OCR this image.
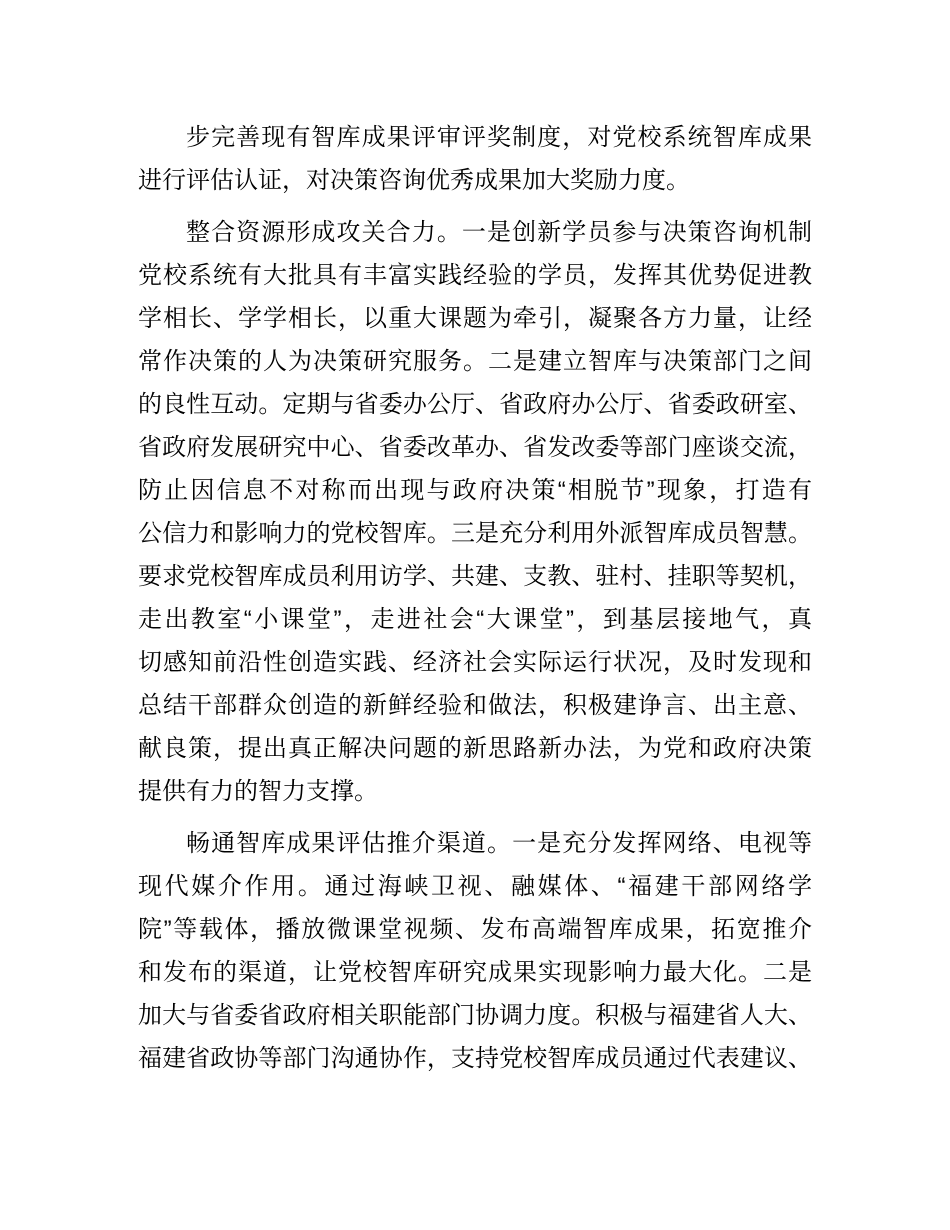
步完善现有智库成果评审评奖制度，对党校系统智库成果
进行评估认证，对决策咨询优秀成果加大奖励力度。

整合资源形成攻关合力。一是创新学员参与决策咨询机制
党校系统有大批具有丰富实践经验的学员，发挥其优势促进教
学相长、学学相长，以重大课题为牵引，凝聚各方力量，让经
常作决策的人为决策研究服务。二是建立智库与决策部门之间
的良性互动。定期与省委办公厅、省政府办公厅、省委政研室、
省政府发展研究中心、省委改革办、省发改委等部门座谈交流，
防止因信息不对称而出现与政府决策“相脱节”现象，打造有
公信力和影响力的党校智库。三是充分利用外派智库成员智慧。
要求党校智库成员利用访学、共建、支教、驻村、挂职等契机，
走出教室“小课堂”，走进社会“大课堂”，到基层接地气，真
切感知前沿性创造实践、经济社会实际运行状况，及时发现和
总结干部群众创造的新鲜经验和做法，积极建诤言、出主意、
献良策，提出真正解决问题的新思路新办法，为党和政府决策
提供有力的智力支撑。

畅通智库成果评估推介渠道。一是充分发挥网络、电视等
现代媒介作用。通过海峡卫视、融媒体、“福建干部网络学
院”等载体，播放微课堂视频、发布高端智库成果，拓宽推介
和发布的渠道，让党校智库研究成果实现影响力最大化。二是
加大与省委省政府相关职能部门协调力度。积极与福建省人大、
福建省政协等部门沟通协作，支持党校智库成员通过代表建议、
